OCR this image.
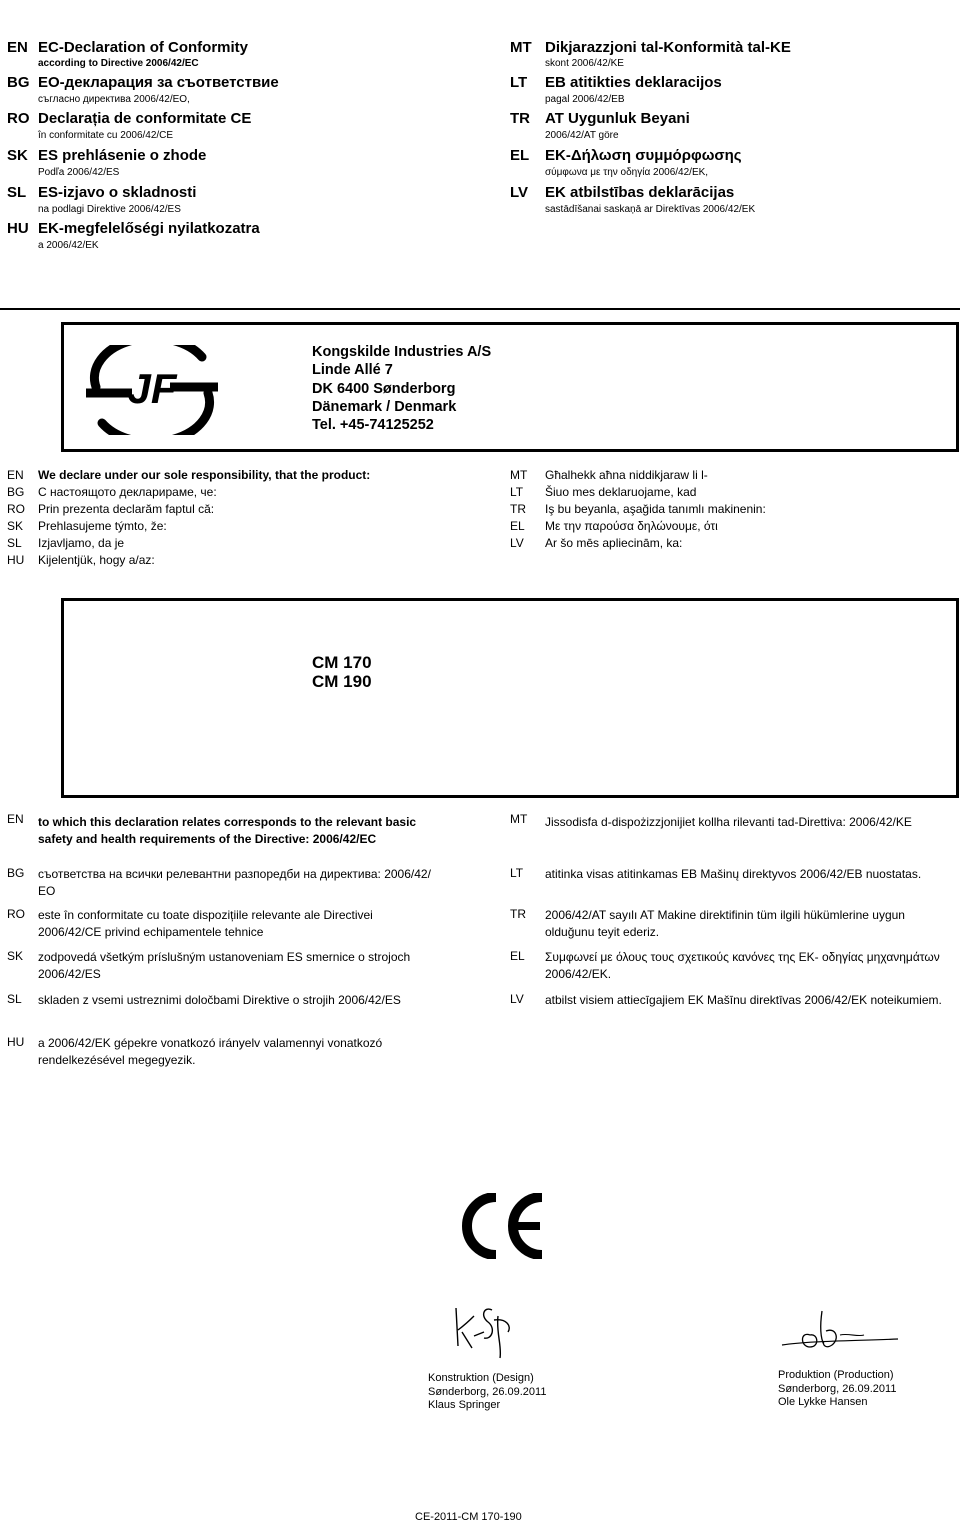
EN EC-Declaration of Conformity
according to Directive 2006/42/EC
BG ЕО-декларация за съответствие
съгласно директива 2006/42/ЕО,
RO Declarația de conformitate CE
în conformitate cu 2006/42/CE
SK ES prehlásenie o zhode
Podľa 2006/42/ES
SL ES-izjavo o skladnosti
na podlagi Direktive 2006/42/ES
HU EK-megfelelőségi nyilatkozatra
a 2006/42/EK
MT Dikjarazzjoni tal-Konformità tal-KE
skont 2006/42/KE
LT EB atitikties deklaracijos
pagal 2006/42/EB
TR AT Uygunluk Beyani
2006/42/AT göre
EL ΕΚ-Δήλωση συμμόρφωσης
σύμφωνα με την οδηγία 2006/42/ΕΚ,
LV EK atbilstības deklarācijas
sastādīšanai saskaņā ar Direktīvas 2006/42/EK
JF
Kongskilde Industries A/S
Linde Allé 7
DK 6400 Sønderborg
Dänemark / Denmark
Tel. +45-74125252
EN We declare under our sole responsibility, that the product:
BG С настоящото декларираме, че:
RO Prin prezenta declarăm faptul că:
SK Prehlasujeme týmto, že:
SL Izjavljamo, da je
HU Kijelentjük, hogy a/az:
MT Għalhekk aħna niddikjaraw li l-
LT Šiuo mes deklaruojame, kad
TR Iş bu beyanla, aşağida tanımlı makinenin:
EL Με την παρούσα δηλώνουμε, ότι
LV Ar šo mēs apliecinām, ka:
CM 170
CM 190
EN to which this declaration relates corresponds to the relevant basic safety and health requirements of the Directive: 2006/42/EC
BG съответства на всички релевантни разпоредби на директива: 2006/42/ЕО
RO este în conformitate cu toate dispozițiile relevante ale Directivei 2006/42/CE privind echipamentele tehnice
SK zodpovedá všetkým príslušným ustanoveniam ES smernice o strojoch 2006/42/ES
SL skladen z vsemi ustreznimi določbami Direktive o strojih 2006/42/ES
HU a 2006/42/EK gépekre vonatkozó irányelv valamennyi vonatkozó rendelkezésével megegyezik.
MT Jissodisfa d-dispożizzjonijiet kollha rilevanti tad-Direttiva: 2006/42/KE
LT atitinka visas atitinkamas EB Mašinų direktyvos 2006/42/EB nuostatas.
TR 2006/42/AT sayılı AT Makine direktifinin tüm ilgili hükümlerine uygun olduğunu teyit ederiz.
EL Συμφωνεί με όλους τους σχετικούς κανόνες της ΕΚ- οδηγίας μηχανημάτων 2006/42/ΕΚ.
LV atbilst visiem attiecīgajiem EK Mašīnu direktīvas 2006/42/EK noteikumiem.
CE
Konstruktion (Design)
Sønderborg, 26.09.2011
Klaus Springer
Produktion (Production)
Sønderborg, 26.09.2011
Ole Lykke Hansen
CE-2011-CM 170-190
